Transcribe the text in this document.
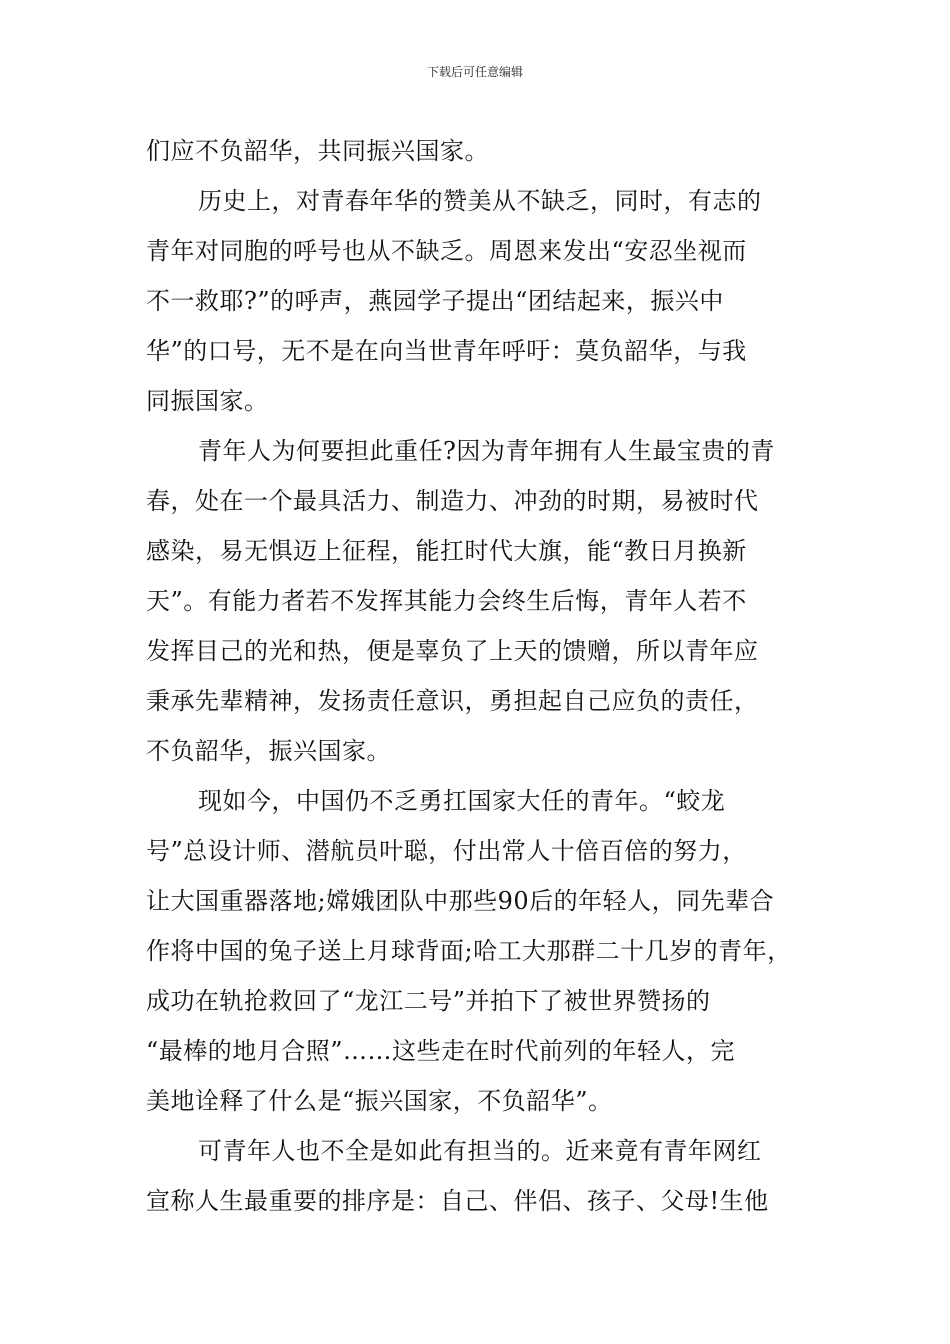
下载后可任意编辑
们应不负韶华，共同振兴国家。
历史上，对青春年华的赞美从不缺乏，同时，有志的
青年对同胞的呼号也从不缺乏。周恩来发出“安忍坐视而
不一救耶?”的呼声，燕园学子提出“团结起来，振兴中
华”的口号，无不是在向当世青年呼吁：莫负韶华，与我
同振国家。
青年人为何要担此重任?因为青年拥有人生最宝贵的青
春，处在一个最具活力、制造力、冲劲的时期，易被时代
感染，易无惧迈上征程，能扛时代大旗，能“教日月换新
天”。有能力者若不发挥其能力会终生后悔，青年人若不
发挥目己的光和热，便是辜负了上天的馈赠，所以青年应
秉承先辈精神，发扬责任意识，勇担起自己应负的责任，
不负韶华，振兴国家。
现如今，中国仍不乏勇扛国家大任的青年。“蛟龙
号”总设计师、潜航员叶聪，付出常人十倍百倍的努力，
让大国重器落地;嫦娥团队中那些90后的年轻人，同先辈合
作将中国的兔子送上月球背面;哈工大那群二十几岁的青年，
成功在轨抢救回了“龙江二号”并拍下了被世界赞扬的
“最棒的地月合照”……这些走在时代前列的年轻人，完
美地诠释了什么是“振兴国家，不负韶华”。
可青年人也不全是如此有担当的。近来竟有青年网红
宣称人生最重要的排序是：自己、伴侣、孩子、父母!生他
